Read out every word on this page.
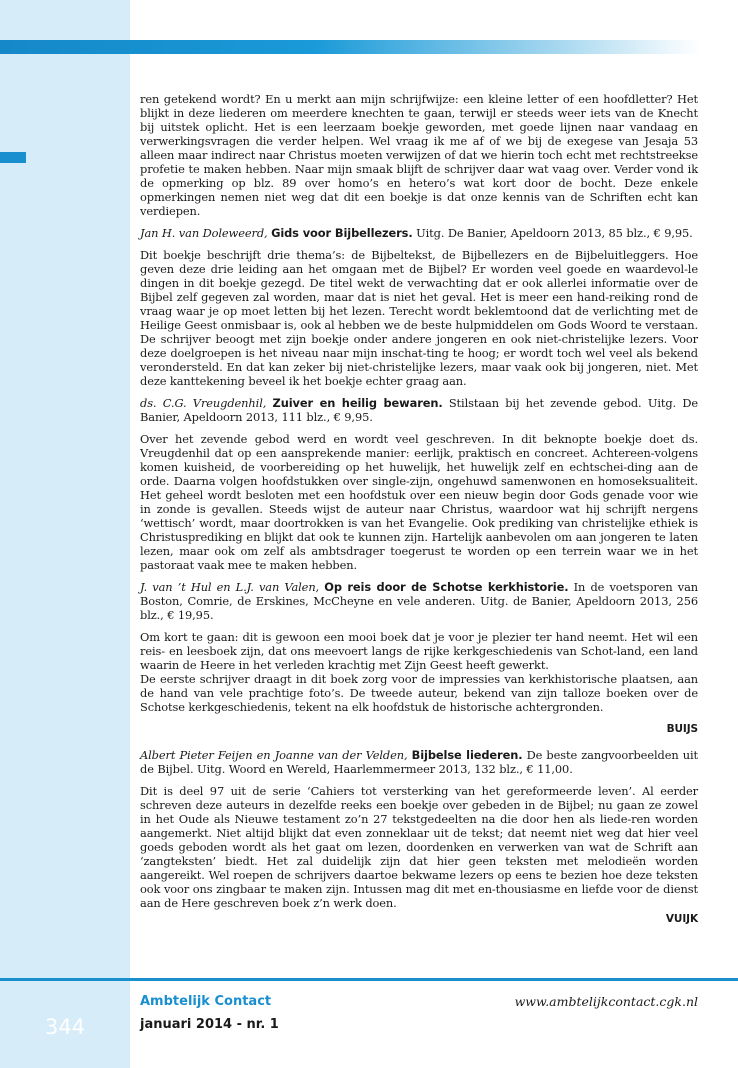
ren getekend wordt? En u merkt aan mijn schrijfwijze: een kleine letter of een hoofdletter? Het blijkt in deze liederen om meerdere knechten te gaan, terwijl er steeds weer iets van de Knecht bij uitstek oplicht. Het is een leerzaam boekje geworden, met goede lijnen naar vandaag en verwerkingsvragen die verder helpen. Wel vraag ik me af of we bij de exegese van Jesaja 53 alleen maar indirect naar Christus moeten verwijzen of dat we hierin toch echt met rechtstreekse profetie te maken hebben. Naar mijn smaak blijft de schrijver daar wat vaag over. Verder vond ik de opmerking op blz. 89 over homo’s en hetero’s wat kort door de bocht. Deze enkele opmerkingen nemen niet weg dat dit een boekje is dat onze kennis van de Schriften echt kan verdiepen.

Jan H. van Doleweerd, Gids voor Bijbellezers. Uitg. De Banier, Apeldoorn 2013, 85 blz., € 9,95.

Dit boekje beschrijft drie thema’s: de Bijbeltekst, de Bijbellezers en de Bijbeluitleggers. Hoe geven deze drie leiding aan het omgaan met de Bijbel? Er worden veel goede en waardevol-le dingen in dit boekje gezegd. De titel wekt de verwachting dat er ook allerlei informatie over de Bijbel zelf gegeven zal worden, maar dat is niet het geval. Het is meer een hand-reiking rond de vraag waar je op moet letten bij het lezen. Terecht wordt beklemtoond dat de verlichting met de Heilige Geest onmisbaar is, ook al hebben we de beste hulpmiddelen om Gods Woord te verstaan. De schrijver beoogt met zijn boekje onder andere jongeren en ook niet-christelijke lezers. Voor deze doelgroepen is het niveau naar mijn inschat-ting te hoog; er wordt toch wel veel als bekend verondersteld. En dat kan zeker bij niet-christelijke lezers, maar vaak ook bij jongeren, niet. Met deze kanttekening beveel ik het boekje echter graag aan.

ds. C.G. Vreugdenhil, Zuiver en heilig bewaren. Stilstaan bij het zevende gebod. Uitg. De Banier, Apeldoorn 2013, 111 blz., € 9,95.

Over het zevende gebod werd en wordt veel geschreven. In dit beknopte boekje doet ds. Vreugdenhil dat op een aansprekende manier: eerlijk, praktisch en concreet. Achtereen-volgens komen kuisheid, de voorbereiding op het huwelijk, het huwelijk zelf en echtschei-ding aan de orde. Daarna volgen hoofdstukken over single-zijn, ongehuwd samenwonen en homoseksualiteit. Het geheel wordt besloten met een hoofdstuk over een nieuw begin door Gods genade voor wie in zonde is gevallen. Steeds wijst de auteur naar Christus, waardoor wat hij schrijft nergens ‘wettisch’ wordt, maar doortrokken is van het Evangelie. Ook prediking van christelijke ethiek is Christusprediking en blijkt dat ook te kunnen zijn. Hartelijk aanbevolen om aan jongeren te laten lezen, maar ook om zelf als ambtsdrager toegerust te worden op een terrein waar we in het pastoraat vaak mee te maken hebben.

J. van ’t Hul en L.J. van Valen, Op reis door de Schotse kerkhistorie. In de voetsporen van Boston, Comrie, de Erskines, McCheyne en vele anderen. Uitg. de Banier, Apeldoorn 2013, 256 blz., € 19,95.

Om kort te gaan: dit is gewoon een mooi boek dat je voor je plezier ter hand neemt. Het wil een reis- en leesboek zijn, dat ons meevoert langs de rijke kerkgeschiedenis van Schot-land, een land waarin de Heere in het verleden krachtig met Zijn Geest heeft gewerkt.

De eerste schrijver draagt in dit boek zorg voor de impressies van kerkhistorische plaatsen, aan de hand van vele prachtige foto’s. De tweede auteur, bekend van zijn talloze boeken over de Schotse kerkgeschiedenis, tekent na elk hoofdstuk de historische achtergronden.

BUIJS

Albert Pieter Feijen en Joanne van der Velden, Bijbelse liederen. De beste zangvoorbeelden uit de Bijbel. Uitg. Woord en Wereld, Haarlemmermeer 2013, 132 blz., € 11,00.

Dit is deel 97 uit de serie ‘Cahiers tot versterking van het gereformeerde leven’. Al eerder schreven deze auteurs in dezelfde reeks een boekje over gebeden in de Bijbel; nu gaan ze zowel in het Oude als Nieuwe testament zo’n 27 tekstgedeelten na die door hen als liede-ren worden aangemerkt. Niet altijd blijkt dat even zonneklaar uit de tekst; dat neemt niet weg dat hier veel goeds geboden wordt als het gaat om lezen, doordenken en verwerken van wat de Schrift aan ‘zangteksten’ biedt. Het zal duidelijk zijn dat hier geen teksten met melodieën worden aangereikt. Wel roepen de schrijvers daartoe bekwame lezers op eens te bezien hoe deze teksten ook voor ons zingbaar te maken zijn. Intussen mag dit met en-thousiasme en liefde voor de dienst aan de Here geschreven boek z’n werk doen.

VUIJK
344
Ambtelijk Contact
januari 2014 - nr. 1
www.ambtelijkcontact.cgk.nl
